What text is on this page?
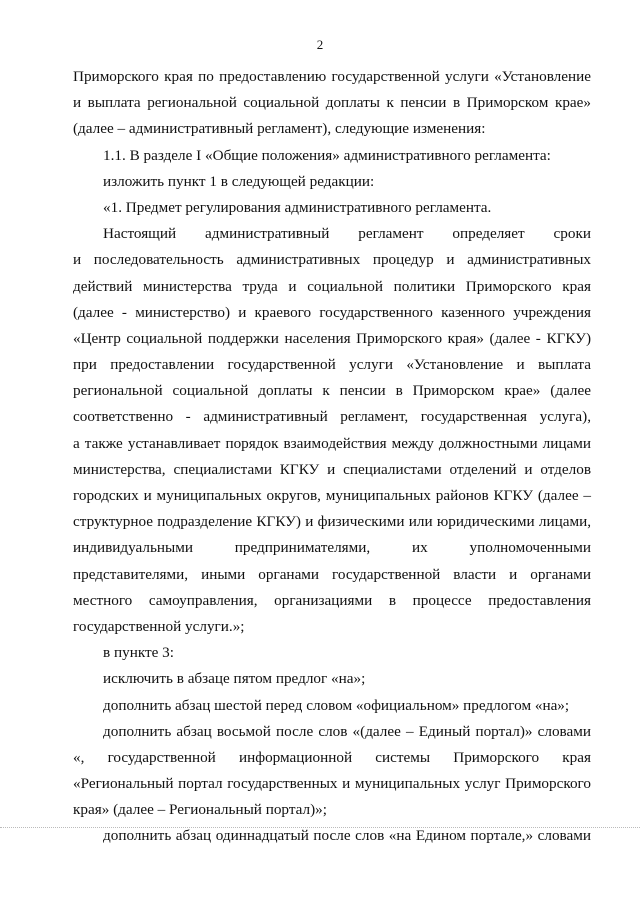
2
Приморского края по предоставлению государственной услуги «Установление
и выплата региональной социальной доплаты к пенсии в Приморском крае»
(далее – административный регламент), следующие изменения:
1.1. В разделе I «Общие положения» административного регламента:
изложить пункт 1 в следующей редакции:
«1. Предмет регулирования административного регламента.
Настоящий административный регламент определяет сроки
и последовательность административных процедур и административных
действий министерства труда и социальной политики Приморского края
(далее - министерство) и краевого государственного казенного учреждения
«Центр социальной поддержки населения Приморского края» (далее - КГКУ)
при предоставлении государственной услуги «Установление и выплата
региональной социальной доплаты к пенсии в Приморском крае» (далее
соответственно - административный регламент, государственная услуга),
а также устанавливает порядок взаимодействия между должностными лицами
министерства, специалистами КГКУ и специалистами отделений и отделов
городских и муниципальных округов, муниципальных районов КГКУ (далее –
структурное подразделение КГКУ) и физическими или юридическими лицами,
индивидуальными предпринимателями, их уполномоченными
представителями, иными органами государственной власти и органами
местного самоуправления, организациями в процессе предоставления
государственной услуги.»;
в пункте 3:
исключить в абзаце пятом предлог «на»;
дополнить абзац шестой перед словом «официальном» предлогом «на»;
дополнить абзац восьмой после слов «(далее – Единый портал)» словами
«, государственной информационной системы Приморского края
«Региональный портал государственных и муниципальных услуг Приморского
края» (далее – Региональный портал)»;
дополнить абзац одиннадцатый после слов «на Едином портале,» словами
